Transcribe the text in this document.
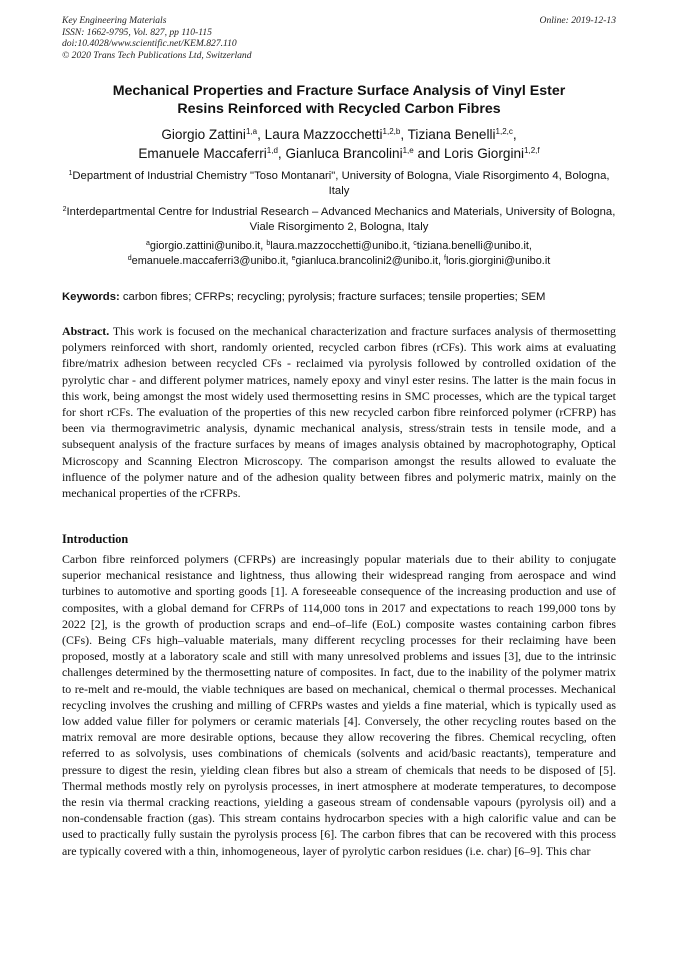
Key Engineering Materials
ISSN: 1662-9795, Vol. 827, pp 110-115
doi:10.4028/www.scientific.net/KEM.827.110
© 2020 Trans Tech Publications Ltd, Switzerland
Online: 2019-12-13
Mechanical Properties and Fracture Surface Analysis of Vinyl Ester
Resins Reinforced with Recycled Carbon Fibres
Giorgio Zattini$^{1,a}$, Laura Mazzocchetti$^{1,2,b}$, Tiziana Benelli$^{1,2,c}$,
Emanuele Maccaferri$^{1,d}$, Gianluca Brancolini$^{1,e}$ and Loris Giorgini$^{1,2,f}$
$^1$Department of Industrial Chemistry "Toso Montanari", University of Bologna, Viale Risorgimento 4, Bologna, Italy
$^2$Interdepartmental Centre for Industrial Research – Advanced Mechanics and Materials, University of Bologna, Viale Risorgimento 2, Bologna, Italy
$^a$giorgio.zattini@unibo.it, $^b$laura.mazzocchetti@unibo.it, $^c$tiziana.benelli@unibo.it,
$^d$emanuele.maccaferri3@unibo.it, $^e$gianluca.brancolini2@unibo.it, $^f$loris.giorgini@unibo.it
Keywords: carbon fibres; CFRPs; recycling; pyrolysis; fracture surfaces; tensile properties; SEM
Abstract. This work is focused on the mechanical characterization and fracture surfaces analysis of thermosetting polymers reinforced with short, randomly oriented, recycled carbon fibres (rCFs). This work aims at evaluating fibre/matrix adhesion between recycled CFs - reclaimed via pyrolysis followed by controlled oxidation of the pyrolytic char - and different polymer matrices, namely epoxy and vinyl ester resins. The latter is the main focus in this work, being amongst the most widely used thermosetting resins in SMC processes, which are the typical target for short rCFs. The evaluation of the properties of this new recycled carbon fibre reinforced polymer (rCFRP) has been via thermogravimetric analysis, dynamic mechanical analysis, stress/strain tests in tensile mode, and a subsequent analysis of the fracture surfaces by means of images analysis obtained by macrophotography, Optical Microscopy and Scanning Electron Microscopy. The comparison amongst the results allowed to evaluate the influence of the polymer nature and of the adhesion quality between fibres and polymeric matrix, mainly on the mechanical properties of the rCFRPs.
Introduction
Carbon fibre reinforced polymers (CFRPs) are increasingly popular materials due to their ability to conjugate superior mechanical resistance and lightness, thus allowing their widespread ranging from aerospace and wind turbines to automotive and sporting goods [1]. A foreseeable consequence of the increasing production and use of composites, with a global demand for CFRPs of 114,000 tons in 2017 and expectations to reach 199,000 tons by 2022 [2], is the growth of production scraps and end–of–life (EoL) composite wastes containing carbon fibres (CFs). Being CFs high–valuable materials, many different recycling processes for their reclaiming have been proposed, mostly at a laboratory scale and still with many unresolved problems and issues [3], due to the intrinsic challenges determined by the thermosetting nature of composites. In fact, due to the inability of the polymer matrix to re-melt and re-mould, the viable techniques are based on mechanical, chemical o thermal processes. Mechanical recycling involves the crushing and milling of CFRPs wastes and yields a fine material, which is typically used as low added value filler for polymers or ceramic materials [4]. Conversely, the other recycling routes based on the matrix removal are more desirable options, because they allow recovering the fibres. Chemical recycling, often referred to as solvolysis, uses combinations of chemicals (solvents and acid/basic reactants), temperature and pressure to digest the resin, yielding clean fibres but also a stream of chemicals that needs to be disposed of [5]. Thermal methods mostly rely on pyrolysis processes, in inert atmosphere at moderate temperatures, to decompose the resin via thermal cracking reactions, yielding a gaseous stream of condensable vapours (pyrolysis oil) and a non-condensable fraction (gas). This stream contains hydrocarbon species with a high calorific value and can be used to practically fully sustain the pyrolysis process [6]. The carbon fibres that can be recovered with this process are typically covered with a thin, inhomogeneous, layer of pyrolytic carbon residues (i.e. char) [6–9]. This char
